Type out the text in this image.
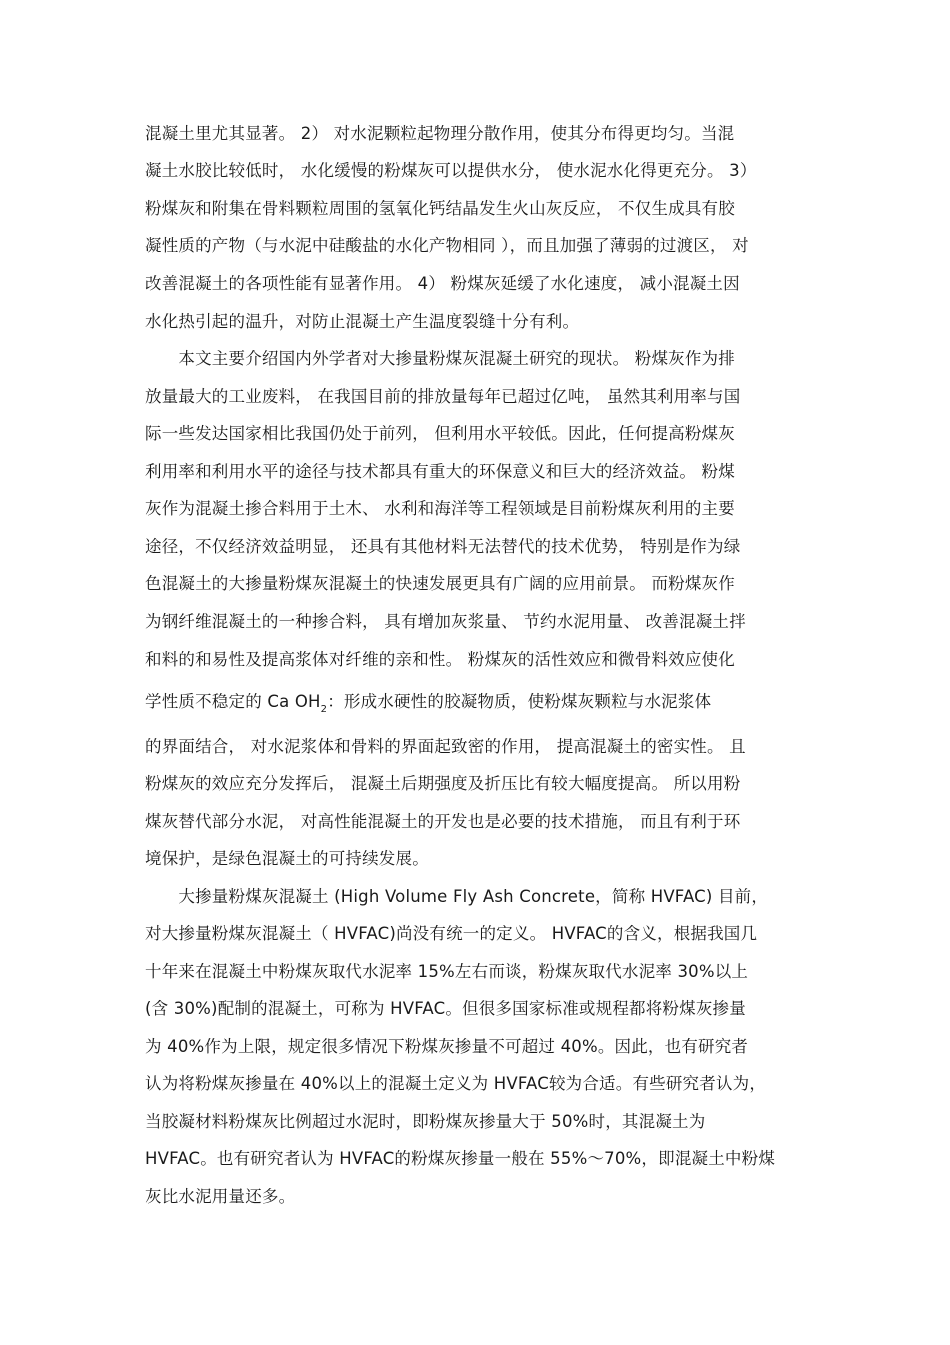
混凝土里尤其显著。 2） 对水泥颗粒起物理分散作用，使其分布得更均匀。当混
凝土水胶比较低时， 水化缓慢的粉煤灰可以提供水分， 使水泥水化得更充分。 3）
粉煤灰和附集在骨料颗粒周围的氢氧化钙结晶发生火山灰反应， 不仅生成具有胶
凝性质的产物（与水泥中硅酸盐的水化产物相同 ），而且加强了薄弱的过渡区， 对
改善混凝土的各项性能有显著作用。 4） 粉煤灰延缓了水化速度， 减小混凝土因
水化热引起的温升，对防止混凝土产生温度裂缝十分有利。
　　本文主要介绍国内外学者对大掺量粉煤灰混凝土研究的现状。 粉煤灰作为排
放量最大的工业废料， 在我国目前的排放量每年已超过亿吨， 虽然其利用率与国
际一些发达国家相比我国仍处于前列， 但利用水平较低。因此，任何提高粉煤灰
利用率和利用水平的途径与技术都具有重大的环保意义和巨大的经济效益。 粉煤
灰作为混凝土掺合料用于土木、 水利和海洋等工程领域是目前粉煤灰利用的主要
途径，不仅经济效益明显， 还具有其他材料无法替代的技术优势， 特别是作为绿
色混凝土的大掺量粉煤灰混凝土的快速发展更具有广阔的应用前景。 而粉煤灰作
为钢纤维混凝土的一种掺合料， 具有增加灰浆量、 节约水泥用量、 改善混凝土拌
和料的和易性及提高浆体对纤维的亲和性。 粉煤灰的活性效应和微骨料效应使化
学性质不稳定的 Ca $OH_2$：形成水硬性的胶凝物质，使粉煤灰颗粒与水泥浆体
的界面结合， 对水泥浆体和骨料的界面起致密的作用， 提高混凝土的密实性。 且
粉煤灰的效应充分发挥后， 混凝土后期强度及折压比有较大幅度提高。 所以用粉
煤灰替代部分水泥， 对高性能混凝土的开发也是必要的技术措施， 而且有利于环
境保护，是绿色混凝土的可持续发展。
　　大掺量粉煤灰混凝土 (High Volume Fly Ash Concrete，简称 HVFAC) 目前，
对大掺量粉煤灰混凝土（ HVFAC)尚没有统一的定义。 HVFAC的含义，根据我国几
十年来在混凝土中粉煤灰取代水泥率 15%左右而谈，粉煤灰取代水泥率 30%以上
(含 30%)配制的混凝土，可称为 HVFAC。但很多国家标准或规程都将粉煤灰掺量
为 40%作为上限，规定很多情况下粉煤灰掺量不可超过 40%。因此，也有研究者
认为将粉煤灰掺量在 40%以上的混凝土定义为 HVFAC较为合适。有些研究者认为，
当胶凝材料粉煤灰比例超过水泥时，即粉煤灰掺量大于 50%时，其混凝土为
HVFAC。也有研究者认为 HVFAC的粉煤灰掺量一般在 55%～70%，即混凝土中粉煤
灰比水泥用量还多。
